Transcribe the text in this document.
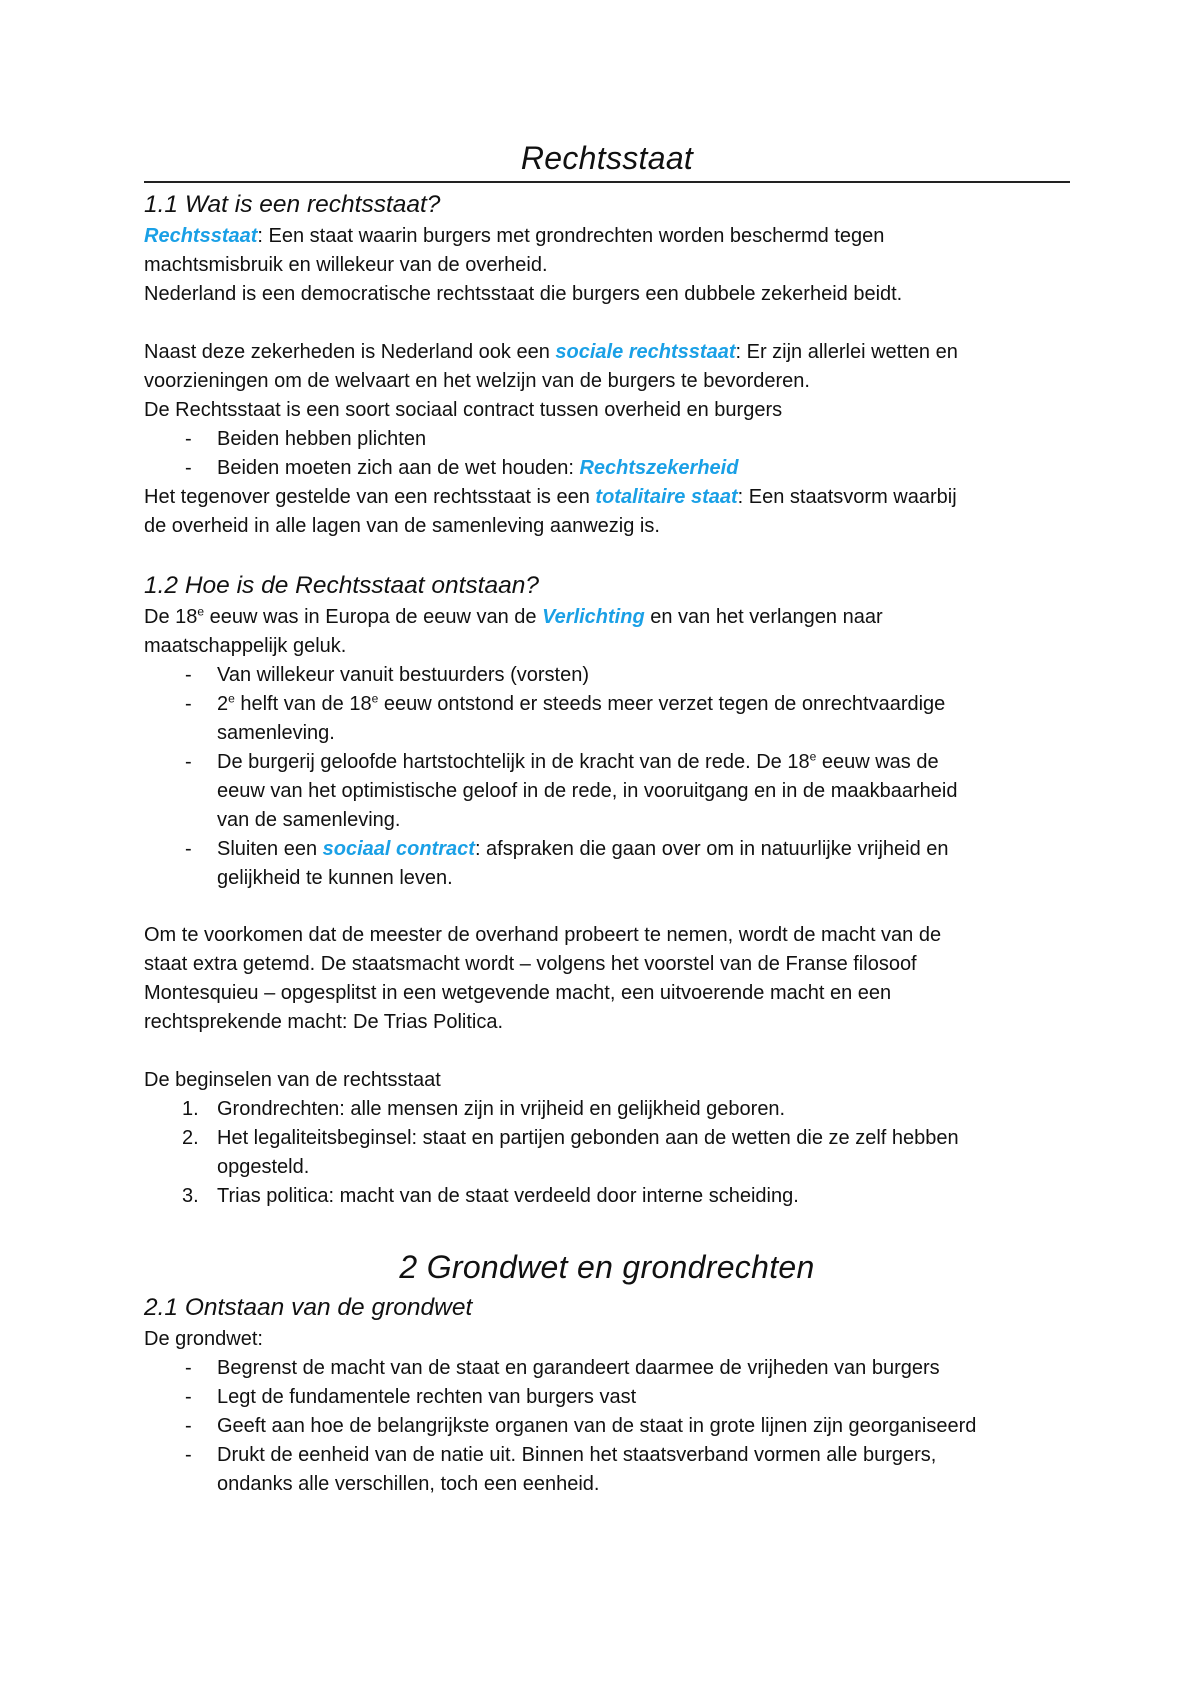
Rechtsstaat
1.1 Wat is een rechtsstaat?

Rechtsstaat: Een staat waarin burgers met grondrechten worden beschermd tegen

machtsmisbruik en willekeur van de overheid.

Nederland is een democratische rechtsstaat die burgers een dubbele zekerheid beidt.

Naast deze zekerheden is Nederland ook een sociale rechtsstaat: Er zijn allerlei wetten en

voorzieningen om de welvaart en het welzijn van de burgers te bevorderen.

De Rechtsstaat is een soort sociaal contract tussen overheid en burgers

- Beiden hebben plichten
- Beiden moeten zich aan de wet houden: Rechtszekerheid

Het tegenover gestelde van een rechtsstaat is een totalitaire staat: Een staatsvorm waarbij

de overheid in alle lagen van de samenleving aanwezig is.

1.2 Hoe is de Rechtsstaat ontstaan?

De 18e eeuw was in Europa de eeuw van de Verlichting en van het verlangen naar

maatschappelijk geluk.

- Van willekeur vanuit bestuurders (vorsten)
- 2e helft van de 18e eeuw ontstond er steeds meer verzet tegen de onrechtvaardige
samenleving.
- De burgerij geloofde hartstochtelijk in de kracht van de rede. De 18e eeuw was de
eeuw van het optimistische geloof in de rede, in vooruitgang en in de maakbaarheid
van de samenleving.
- Sluiten een sociaal contract: afspraken die gaan over om in natuurlijke vrijheid en
gelijkheid te kunnen leven.

Om te voorkomen dat de meester de overhand probeert te nemen, wordt de macht van de

staat extra getemd. De staatsmacht wordt – volgens het voorstel van de Franse filosoof

Montesquieu – opgesplitst in een wetgevende macht, een uitvoerende macht en een

rechtsprekende macht: De Trias Politica.

De beginselen van de rechtsstaat

1. Grondrechten: alle mensen zijn in vrijheid en gelijkheid geboren.
2. Het legaliteitsbeginsel: staat en partijen gebonden aan de wetten die ze zelf hebben
opgesteld.
3. Trias politica: macht van de staat verdeeld door interne scheiding.
2 Grondwet en grondrechten
2.1 Ontstaan van de grondwet

De grondwet:

- Begrenst de macht van de staat en garandeert daarmee de vrijheden van burgers
- Legt de fundamentele rechten van burgers vast
- Geeft aan hoe de belangrijkste organen van de staat in grote lijnen zijn georganiseerd
- Drukt de eenheid van de natie uit. Binnen het staatsverband vormen alle burgers,
ondanks alle verschillen, toch een eenheid.
